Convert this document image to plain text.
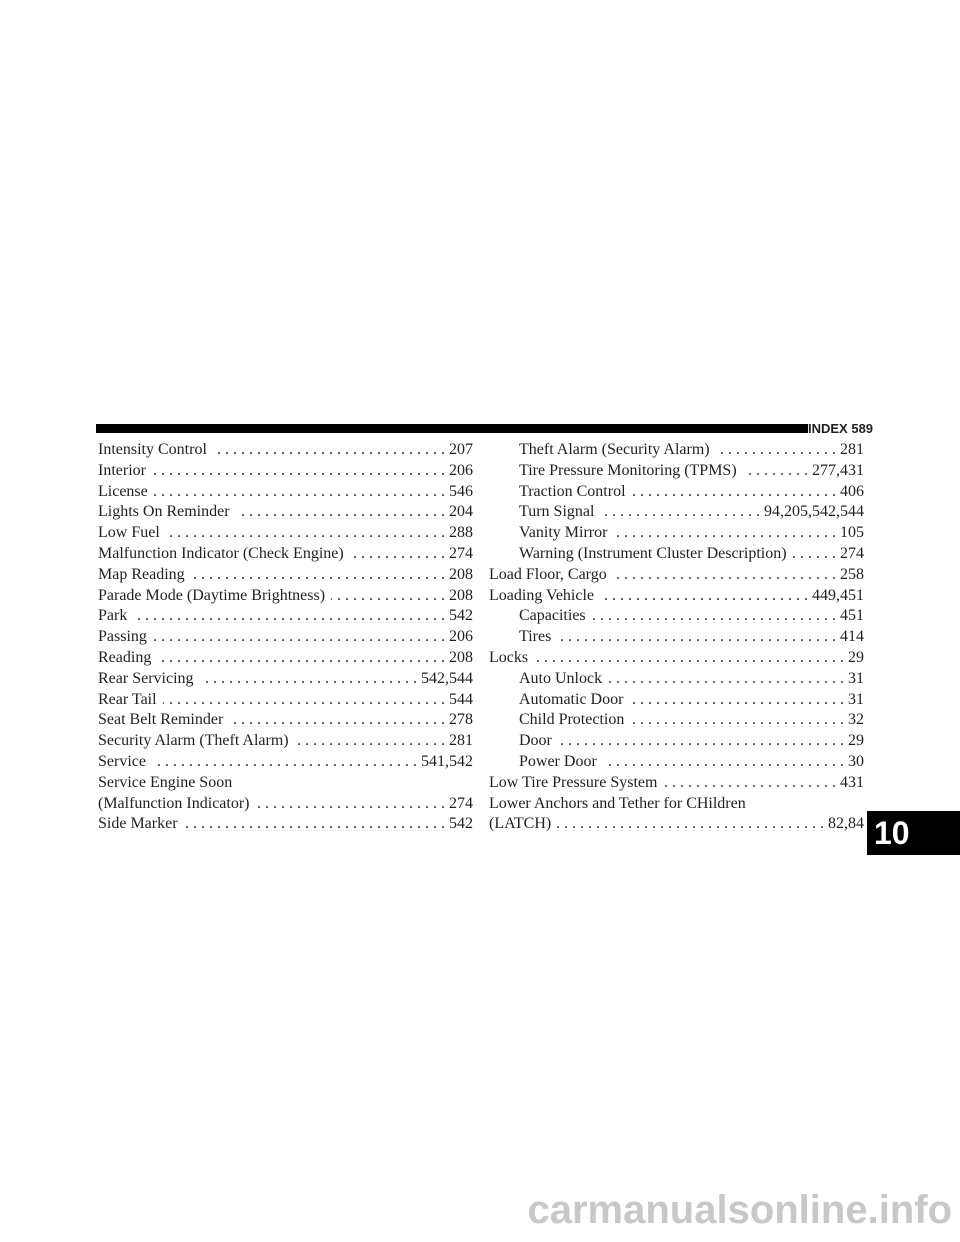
INDEX 589
Intensity Control . . .	207
Interior . . .	206
License . . .	546
Lights On Reminder . . .	204
Low Fuel . . .	288
Malfunction Indicator (Check Engine) . . .	274
Map Reading . . .	208
Parade Mode (Daytime Brightness) . . .	208
Park . . .	542
Passing . . .	206
Reading . . .	208
Rear Servicing . . .	542,544
Rear Tail . . .	544
Seat Belt Reminder . . .	278
Security Alarm (Theft Alarm) . . .	281
Service . . .	541,542
Service Engine Soon
(Malfunction Indicator) . . .	274
Side Marker . . .	542
Theft Alarm (Security Alarm) . . .	281
Tire Pressure Monitoring (TPMS) . . .	277,431
Traction Control . . .	406
Turn Signal . . .	94,205,542,544
Vanity Mirror . . .	105
Warning (Instrument Cluster Description) . . .	274
Load Floor, Cargo . . .	258
Loading Vehicle . . .	449,451
Capacities . . .	451
Tires . . .	414
Locks . . .	29
Auto Unlock . . .	31
Automatic Door . . .	31
Child Protection . . .	32
Door . . .	29
Power Door . . .	30
Low Tire Pressure System . . .	431
Lower Anchors and Tether for CHildren
(LATCH) . . .	82,84 10
carmanualsonline.info
